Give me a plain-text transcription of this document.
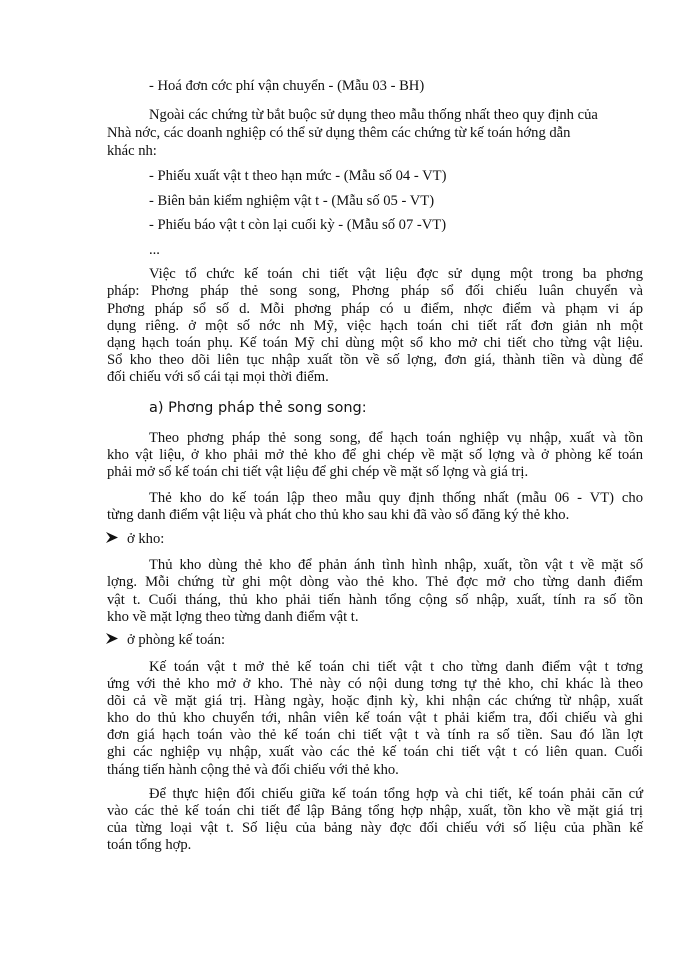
- Hoá đơn cớc phí vận chuyển - (Mẫu 03 - BH)
Ngoài các chứng từ bắt buộc sử dụng theo mẫu thống nhất theo quy định của
Nhà nớc, các doanh nghiệp có thể sử dụng thêm các chứng từ kế toán hớng dẫn
khác nh:
- Phiếu xuất vật t theo hạn mức - (Mẫu số 04 - VT)
- Biên bản kiểm nghiệm vật t - (Mẫu số 05 - VT)
- Phiếu báo vật t còn lại cuối kỳ - (Mẫu số 07 -VT)
...
Việc tổ chức kế toán chi tiết vật liệu đợc sử dụng một trong ba phơng
pháp: Phơng pháp thẻ song song, Phơng pháp sổ đối chiếu luân chuyển và
Phơng pháp sổ số d. Mỗi phơng pháp có u điểm, nhợc điểm và phạm vi áp
dụng riêng. ở một số nớc nh Mỹ, việc hạch toán chi tiết rất đơn giản nh một
dạng hạch toán phụ. Kế toán Mỹ chỉ dùng một sổ kho mở chi tiết cho từng vật liệu.
Sổ kho theo dõi liên tục nhập xuất tồn về số lợng, đơn giá, thành tiền và dùng để
đối chiếu với sổ cái tại mọi thời điểm.
a) Phơng pháp thẻ song song:
Theo phơng pháp thẻ song song, để hạch toán nghiệp vụ nhập, xuất và tồn
kho vật liệu, ở kho phải mở thẻ kho để ghi chép về mặt số lợng và ở phòng kế toán
phải mở sổ kế toán chi tiết vật liệu để ghi chép về mặt số lợng và giá trị.
Thẻ kho do kế toán lập theo mẫu quy định thống nhất (mẫu 06 - VT) cho
từng danh điểm vật liệu và phát cho thủ kho sau khi đã vào sổ đăng ký thẻ kho.
ở kho:
Thủ kho dùng thẻ kho để phản ánh tình hình nhập, xuất, tồn vật t về mặt số
lợng. Mỗi chứng từ ghi một dòng vào thẻ kho. Thẻ đợc mở cho từng danh điểm
vật t. Cuối tháng, thủ kho phải tiến hành tổng cộng số nhập, xuất, tính ra số tồn
kho về mặt lợng theo từng danh điểm vật t.
ở phòng kế toán:
Kế toán vật t mở thẻ kế toán chi tiết vật t cho từng danh điểm vật t tơng
ứng với thẻ kho mở ở kho. Thẻ này có nội dung tơng tự thẻ kho, chỉ khác là theo
dõi cả về mặt giá trị. Hàng ngày, hoặc định kỳ, khi nhận các chứng từ nhập, xuất
kho do thủ kho chuyển tới, nhân viên kế toán vật t phải kiểm tra, đối chiếu và ghi
đơn giá hạch toán vào thẻ kế toán chi tiết vật t và tính ra số tiền. Sau đó lần lợt
ghi các nghiệp vụ nhập, xuất vào các thẻ kế toán chi tiết vật t có liên quan. Cuối
tháng tiến hành cộng thẻ và đối chiếu với thẻ kho.
Để thực hiện đối chiếu giữa kế toán tổng hợp và chi tiết, kế toán phải căn cứ
vào các thẻ kế toán chi tiết để lập Bảng tổng hợp nhập, xuất, tồn kho về mặt giá trị
của từng loại vật t. Số liệu của bảng này đợc đối chiếu với số liệu của phần kế
toán tổng hợp.
